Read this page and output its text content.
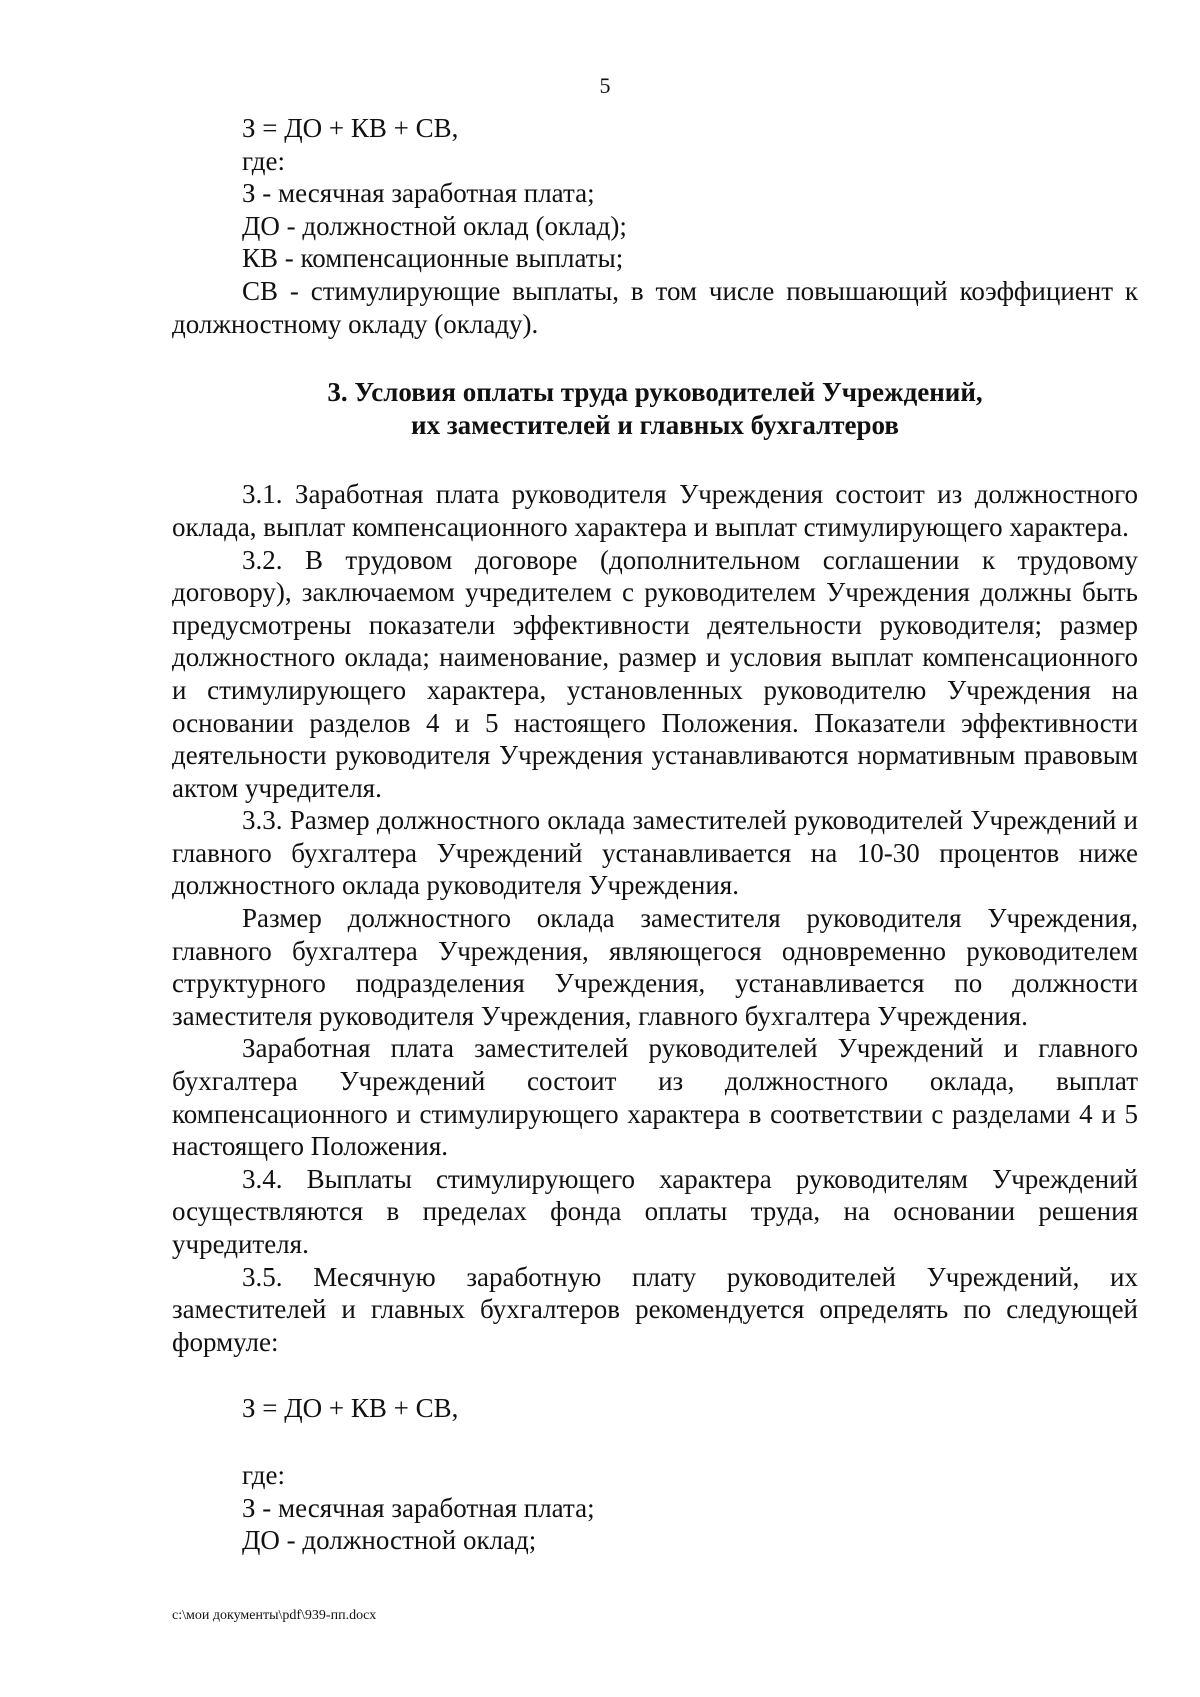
5

З = ДО + КВ + СВ,

где:

З - месячная заработная плата;

ДО - должностной оклад (оклад);

КВ - компенсационные выплаты;

СВ - стимулирующие выплаты, в том числе повышающий коэффициент к должностному окладу (окладу).

3. Условия оплаты труда руководителей Учреждений,
их заместителей и главных бухгалтеров

3.1. Заработная плата руководителя Учреждения состоит из должностного оклада, выплат компенсационного характера и выплат стимулирующего характера.

3.2. В трудовом договоре (дополнительном соглашении к трудовому договору), заключаемом учредителем с руководителем Учреждения должны быть предусмотрены показатели эффективности деятельности руководителя; размер должностного оклада; наименование, размер и условия выплат компенсационного и стимулирующего характера, установленных руководителю Учреждения на основании разделов 4 и 5 настоящего Положения. Показатели эффективности деятельности руководителя Учреждения устанавливаются нормативным правовым актом учредителя.

3.3. Размер должностного оклада заместителей руководителей Учреждений и главного бухгалтера Учреждений устанавливается на 10-30 процентов ниже должностного оклада руководителя Учреждения.

Размер должностного оклада заместителя руководителя Учреждения, главного бухгалтера Учреждения, являющегося одновременно руководителем структурного подразделения Учреждения, устанавливается по должности заместителя руководителя Учреждения, главного бухгалтера Учреждения.

Заработная плата заместителей руководителей Учреждений и главного бухгалтера Учреждений состоит из должностного оклада, выплат компенсационного и стимулирующего характера в соответствии с разделами 4 и 5 настоящего Положения.

3.4. Выплаты стимулирующего характера руководителям Учреждений осуществляются в пределах фонда оплаты труда, на основании решения учредителя.

3.5. Месячную заработную плату руководителей Учреждений, их заместителей и главных бухгалтеров рекомендуется определять по следующей формуле:

З = ДО + КВ + СВ,

где:

З - месячная заработная плата;

ДО - должностной оклад;

c:\мои документы\pdf\939-пп.docx
